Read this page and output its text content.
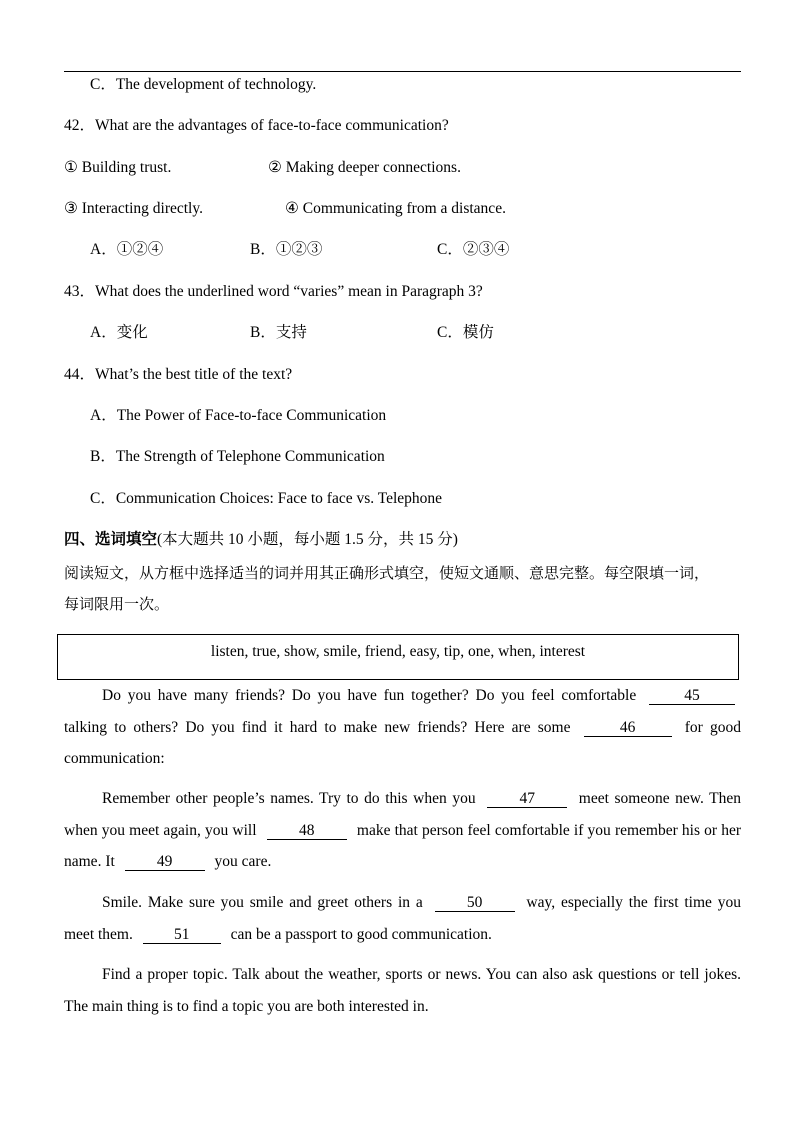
C．The development of technology.
42．What are the advantages of face-to-face communication?
① Building trust.	② Making deeper connections.
③ Interacting directly.	④ Communicating from a distance.
A．①②④	B．①②③	C．②③④
43．What does the underlined word “varies” mean in Paragraph 3?
A．变化	B．支持	C．模仿
44．What’s the best title of the text?
A．The Power of Face-to-face Communication
B．The Strength of Telephone Communication
C．Communication Choices: Face to face vs. Telephone
四、选词填空(本大题共 10 小题，每小题 1.5 分，共 15 分)
阅读短文，从方框中选择适当的词并用其正确形式填空，使短文通顺、意思完整。每空限填一词，
每词限用一次。
listen, true, show, smile, friend, easy, tip, one, when, interest
Do you have many friends? Do you have fun together? Do you feel comfortable	45 talking to others? Do you find it hard to make new friends? Here are some	46	for good communication:
Remember other people’s names. Try to do this when you	47	meet someone new. Then when you meet again, you will	48	make that person feel comfortable if you remember his or her name. It	49	you care.
Smile. Make sure you smile and greet others in a	50	way, especially the first time you meet them.	51	can be a passport to good communication.
Find a proper topic. Talk about the weather, sports or news. You can also ask questions or tell jokes. The main thing is to find a topic you are both interested in.
